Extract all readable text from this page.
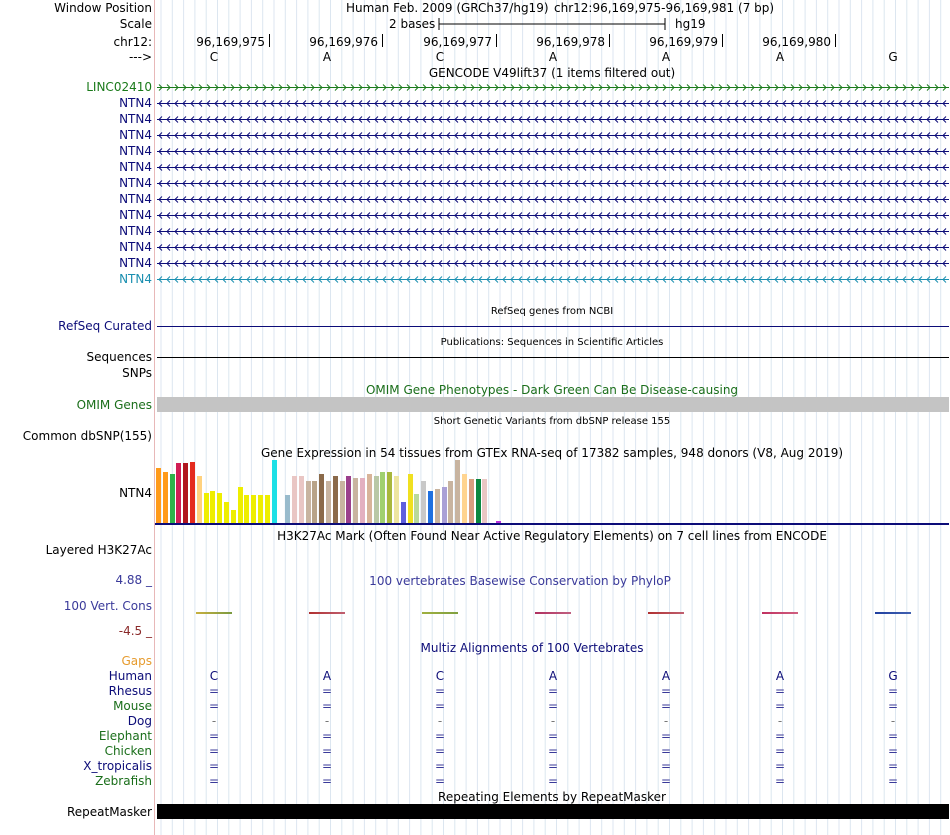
Window Position	Human Feb. 2009 (GRCh37/hg19) chr12:96,169,975-96,169,981 (7 bp)
Scale	2 bases	hg19
chr12:
--->
96,169,975	96,169,976	96,169,977	96,169,978	96,169,979	96,169,980
C	A	C	A	A	A	G
GENCODE V49lift37 (1 items filtered out)
LINC02410
NTN4
NTN4
NTN4
NTN4
NTN4
NTN4
NTN4
NTN4
NTN4
NTN4
NTN4
NTN4
RefSeq genes from NCBI
RefSeq Curated
Publications: Sequences in Scientific Articles
Sequences
SNPs
OMIM Gene Phenotypes - Dark Green Can Be Disease-causing
OMIM Genes
Short Genetic Variants from dbSNP release 155
Common dbSNP(155)
Gene Expression in 54 tissues from GTEx RNA-seq of 17382 samples, 948 donors (V8, Aug 2019)
NTN4
H3K27Ac Mark (Often Found Near Active Regulatory Elements) on 7 cell lines from ENCODE
Layered H3K27Ac
4.88 _	100 vertebrates Basewise Conservation by PhyloP
100 Vert. Cons
-4.5 _
Multiz Alignments of 100 Vertebrates
Gaps
Human	C	A	C	A	A	A	G
Rhesus	=	=	=	=	=	=	=
Mouse	=	=	=	=	=	=	=
Dog	-	-	-	-	-	-	-
Elephant	=	=	=	=	=	=	=
Chicken	=	=	=	=	=	=	=
X_tropicalis	=	=	=	=	=	=	=
Zebrafish	=	=	=	=	=	=	=
Repeating Elements by RepeatMasker
RepeatMasker
